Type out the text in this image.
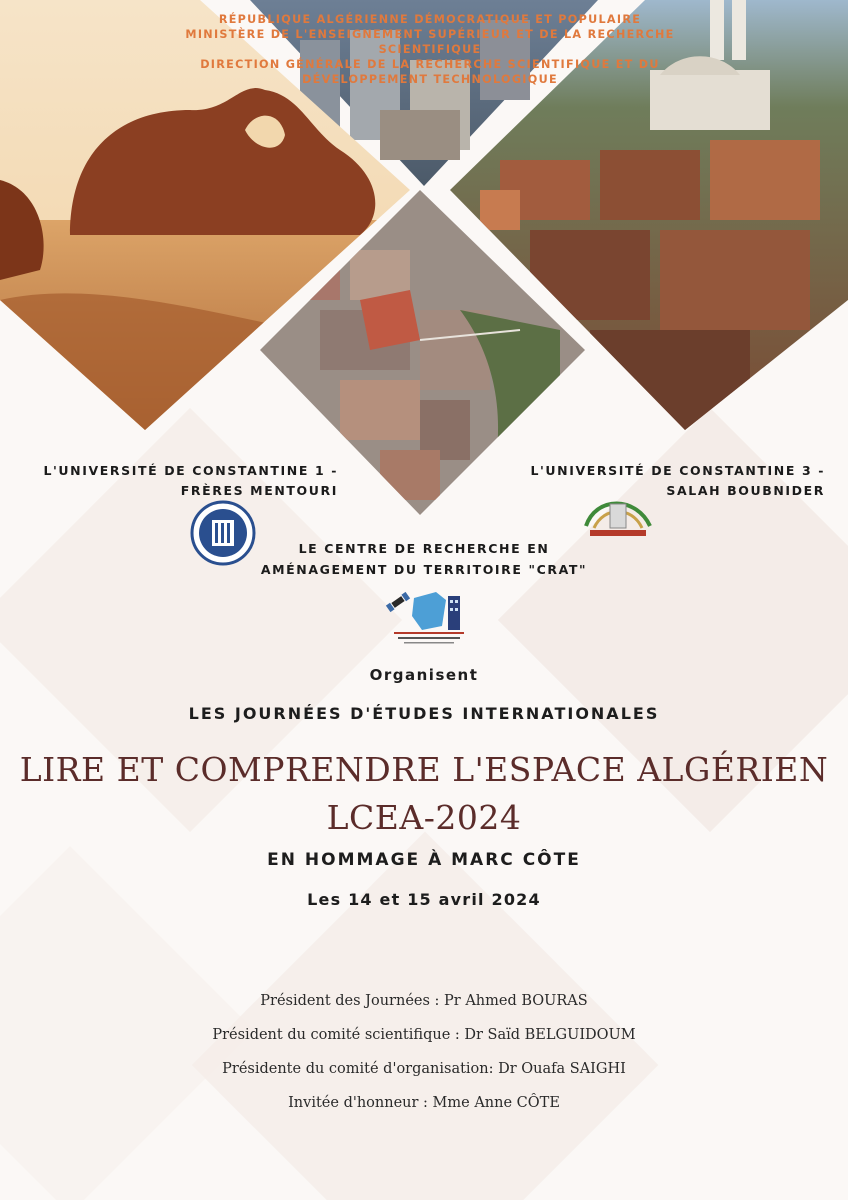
RÉPUBLIQUE ALGÉRIENNE DÉMOCRATIQUE ET POPULAIRE
MINISTÈRE DE L'ENSEIGNEMENT SUPÉRIEUR ET DE LA RECHERCHE
SCIENTIFIQUE
DIRECTION GÉNÉRALE DE LA RECHERCHE SCIENTIFIQUE ET DU
DÉVELOPPEMENT TECHNOLOGIQUE
L'UNIVERSITÉ DE CONSTANTINE 1 -
FRÈRES MENTOURI
L'UNIVERSITÉ DE CONSTANTINE 3 -
SALAH BOUBNIDER
LE CENTRE DE RECHERCHE EN
AMÉNAGEMENT DU TERRITOIRE "CRAT"
Organisent
LES JOURNÉES D'ÉTUDES INTERNATIONALES
LIRE ET COMPRENDRE L'ESPACE ALGÉRIEN
LCEA-2024
EN HOMMAGE À MARC CÔTE
Les 14 et 15 avril 2024
Président des Journées : Pr Ahmed BOURAS
Président du comité scientifique : Dr Saïd BELGUIDOUM
Présidente du comité d'organisation: Dr Ouafa SAIGHI
Invitée d'honneur : Mme Anne CÔTE
